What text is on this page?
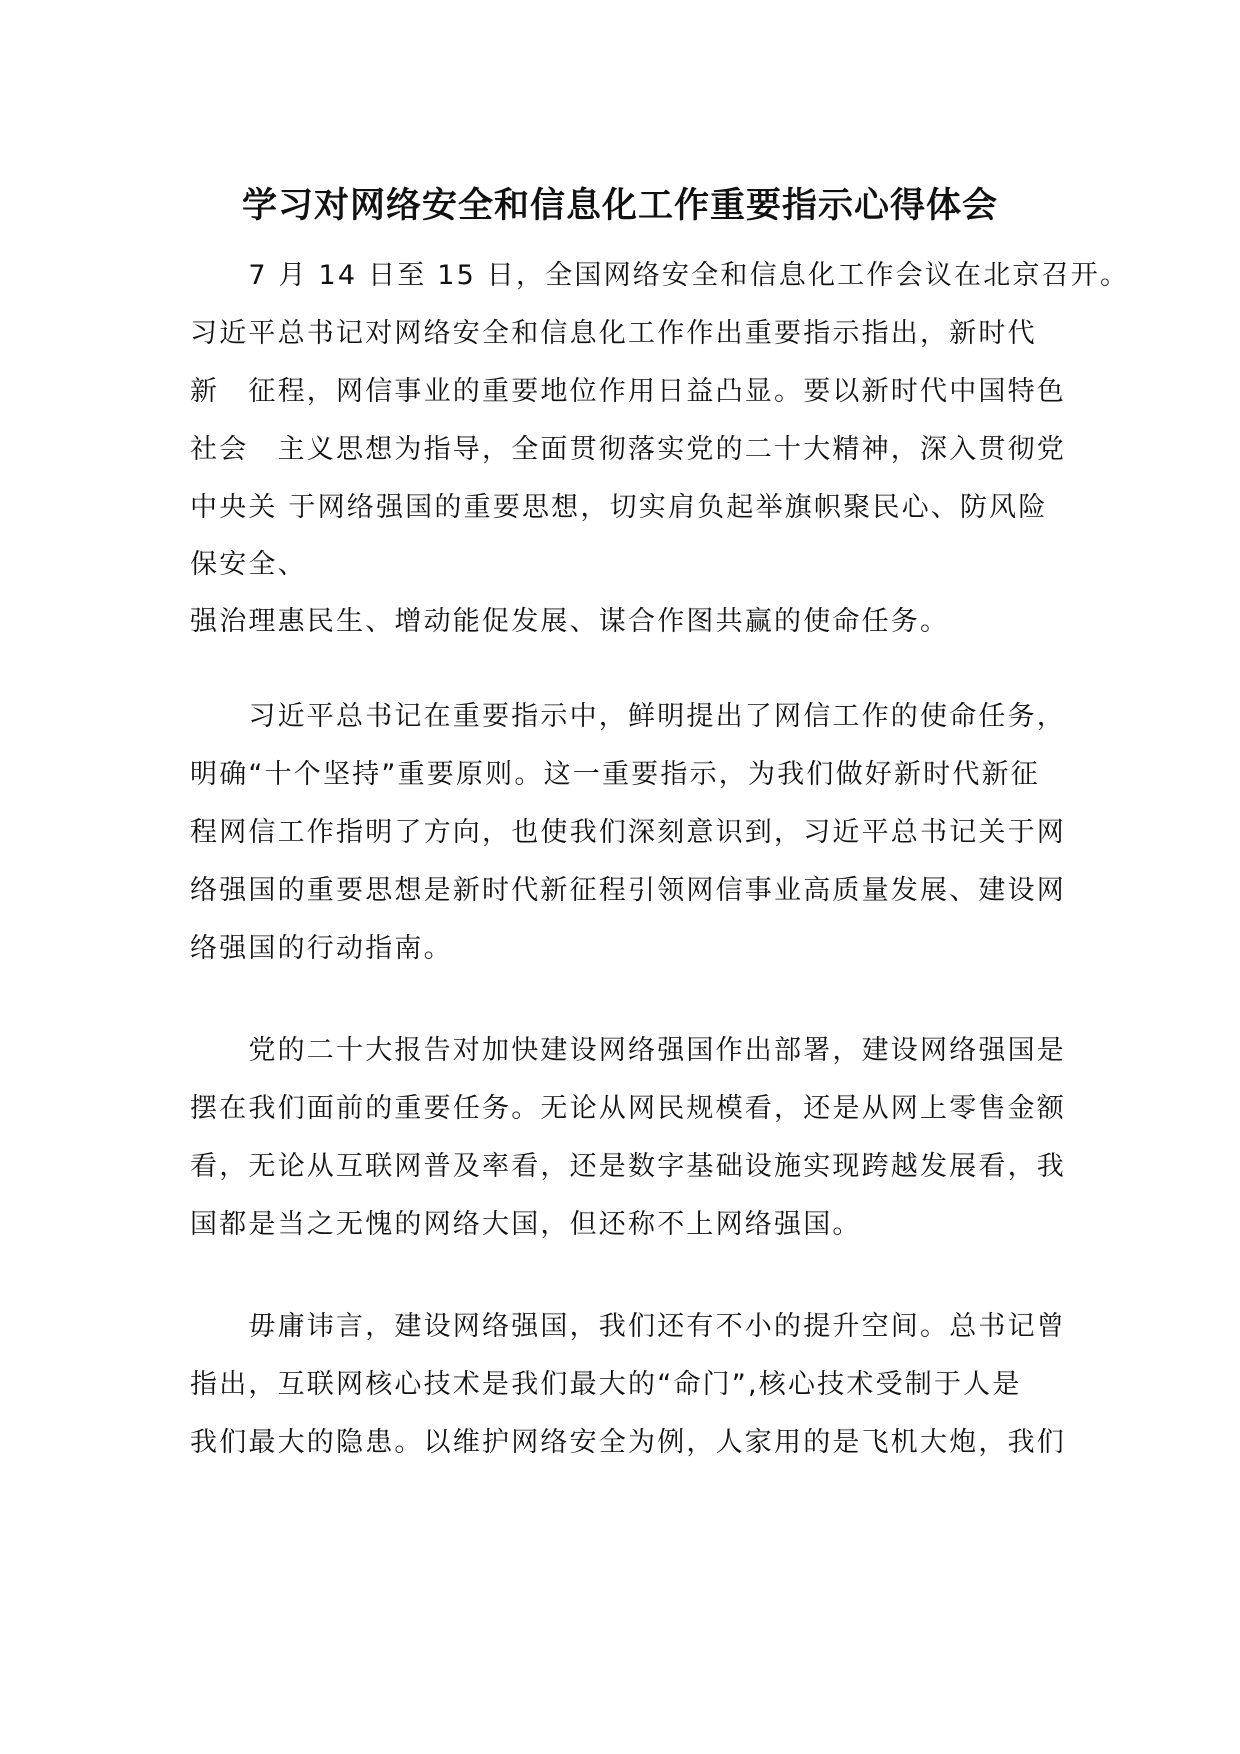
学习对网络安全和信息化工作重要指示心得体会
　　7 月 14 日至 15 日，全国网络安全和信息化工作会议在北京召开。
习近平总书记对网络安全和信息化工作作出重要指示指出，新时代
新　征程，网信事业的重要地位作用日益凸显。要以新时代中国特色
社会　主义思想为指导，全面贯彻落实党的二十大精神，深入贯彻党
中央关 于网络强国的重要思想，切实肩负起举旗帜聚民心、防风险
保安全、
强治理惠民生、增动能促发展、谋合作图共赢的使命任务。
　　习近平总书记在重要指示中，鲜明提出了网信工作的使命任务，
明确“十个坚持”重要原则。这一重要指示，为我们做好新时代新征
程网信工作指明了方向，也使我们深刻意识到，习近平总书记关于网
络强国的重要思想是新时代新征程引领网信事业高质量发展、建设网
络强国的行动指南。
　　党的二十大报告对加快建设网络强国作出部署，建设网络强国是
摆在我们面前的重要任务。无论从网民规模看，还是从网上零售金额
看，无论从互联网普及率看，还是数字基础设施实现跨越发展看，我
国都是当之无愧的网络大国，但还称不上网络强国。
　　毋庸讳言，建设网络强国，我们还有不小的提升空间。总书记曾
指出，互联网核心技术是我们最大的“命门”,核心技术受制于人是
我们最大的隐患。以维护网络安全为例，人家用的是飞机大炮，我们
